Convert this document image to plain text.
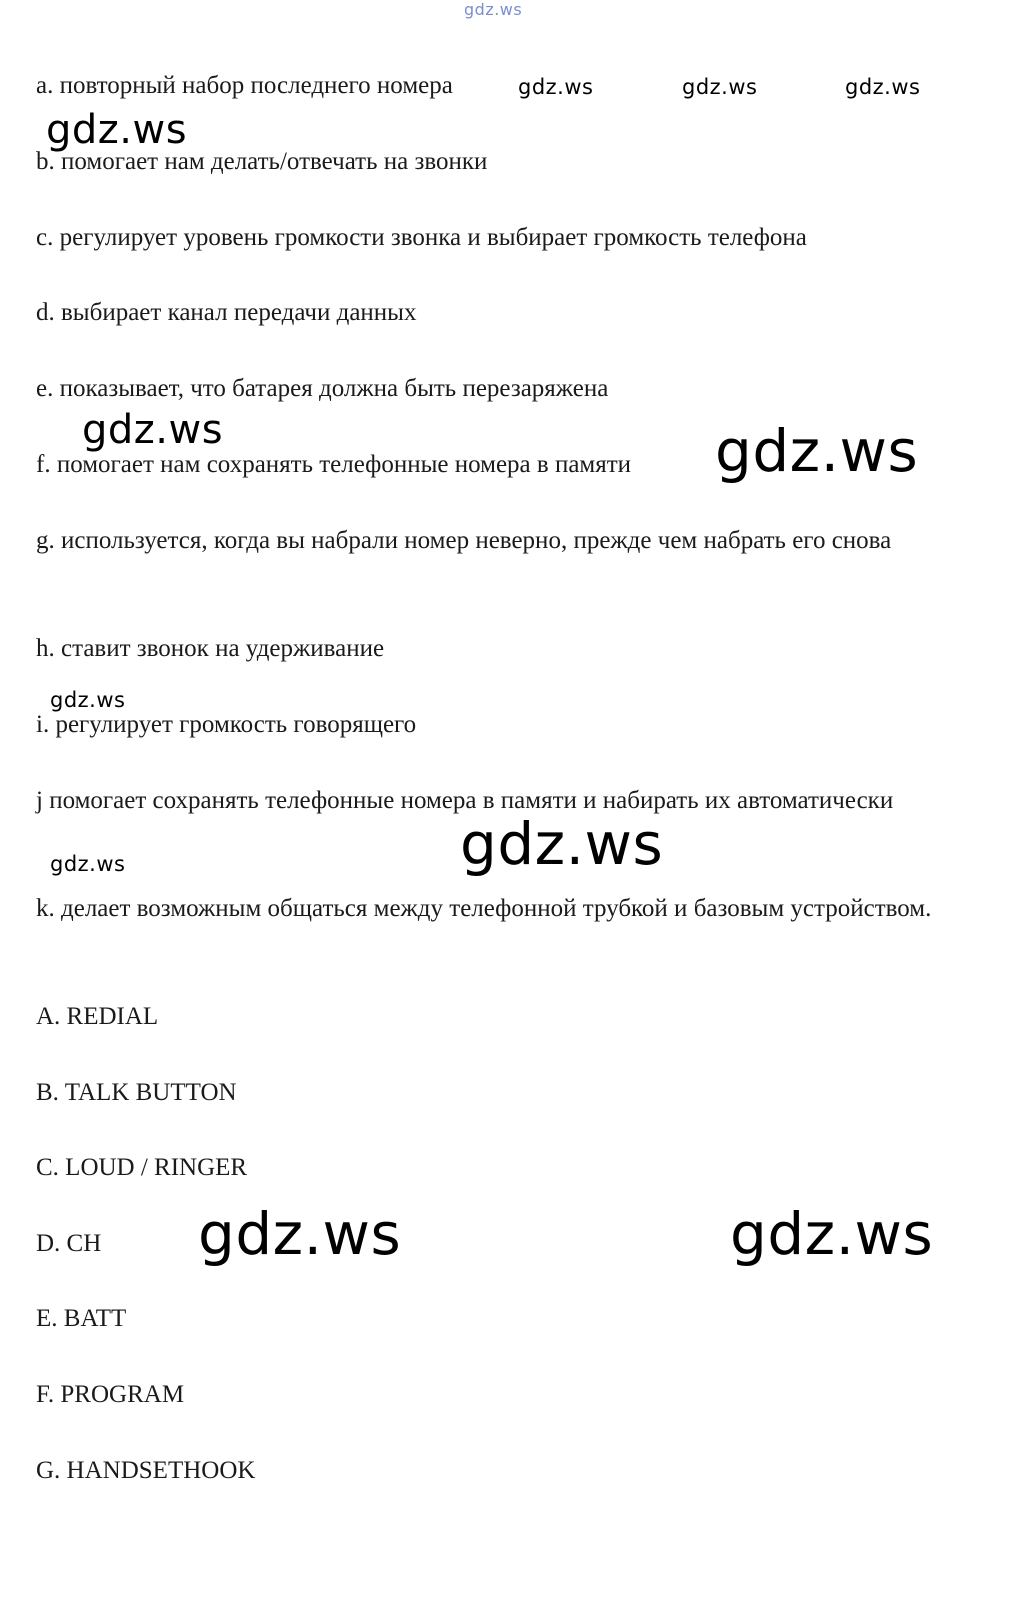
a. повторный набор последнего номера

b. помогает нам делать/отвечать на звонки

c. регулирует уровень громкости звонка и выбирает громкость телефона

d. выбирает канал передачи данных

e. показывает, что батарея должна быть перезаряжена

f. помогает нам сохранять телефонные номера в памяти

g. используется, когда вы набрали номер неверно, прежде чем набрать его снова

h. ставит звонок на удерживание

i. регулирует громкость говорящего

j помогает сохранять телефонные номера в памяти и набирать их автоматически

k. делает возможным общаться между телефонной трубкой и базовым устройством.

A. REDIAL

B. TALK BUTTON

C. LOUD / RINGER

D. CH

E. BATT

F. PROGRAM

G. HANDSETHOOK

gdz.ws
gdz.ws	gdz.ws	gdz.ws
gdz.ws
gdz.ws	gdz.ws
gdz.ws
gdz.ws
gdz.ws
gdz.ws	gdz.ws
